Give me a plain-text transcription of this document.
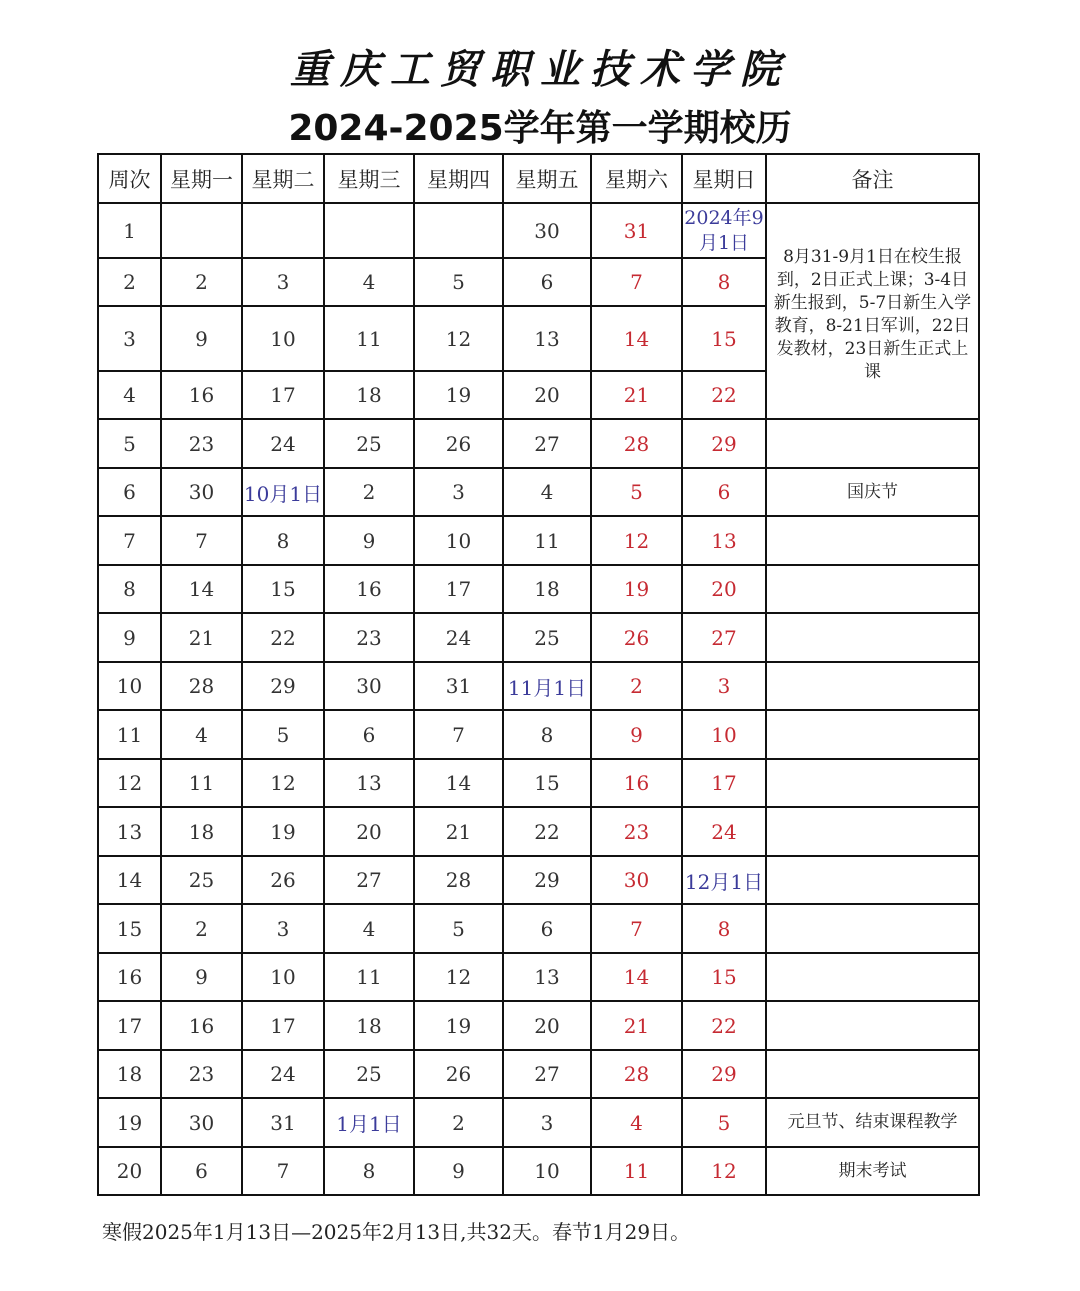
重庆工贸职业技术学院
2024-2025学年第一学期校历
周次	星期一	星期二	星期三	星期四	星期五	星期六	星期日	备注
1					30	31	2024年9月1日	8月31-9月1日在校生报到，2日正式上课；3-4日新生报到，5-7日新生入学教育，8-21日军训，22日发教材，23日新生正式上课
2	2	3	4	5	6	7	8	
3	9	10	11	12	13	14	15	
4	16	17	18	19	20	21	22	
5	23	24	25	26	27	28	29	
6	30	10月1日	2	3	4	5	6	国庆节
7	7	8	9	10	11	12	13	
8	14	15	16	17	18	19	20	
9	21	22	23	24	25	26	27	
10	28	29	30	31	11月1日	2	3	
11	4	5	6	7	8	9	10	
12	11	12	13	14	15	16	17	
13	18	19	20	21	22	23	24	
14	25	26	27	28	29	30	12月1日	
15	2	3	4	5	6	7	8	
16	9	10	11	12	13	14	15	
17	16	17	18	19	20	21	22	
18	23	24	25	26	27	28	29	
19	30	31	1月1日	2	3	4	5	元旦节、结束课程教学
20	6	7	8	9	10	11	12	期末考试
寒假2025年1月13日—2025年2月13日,共32天。春节1月29日。
